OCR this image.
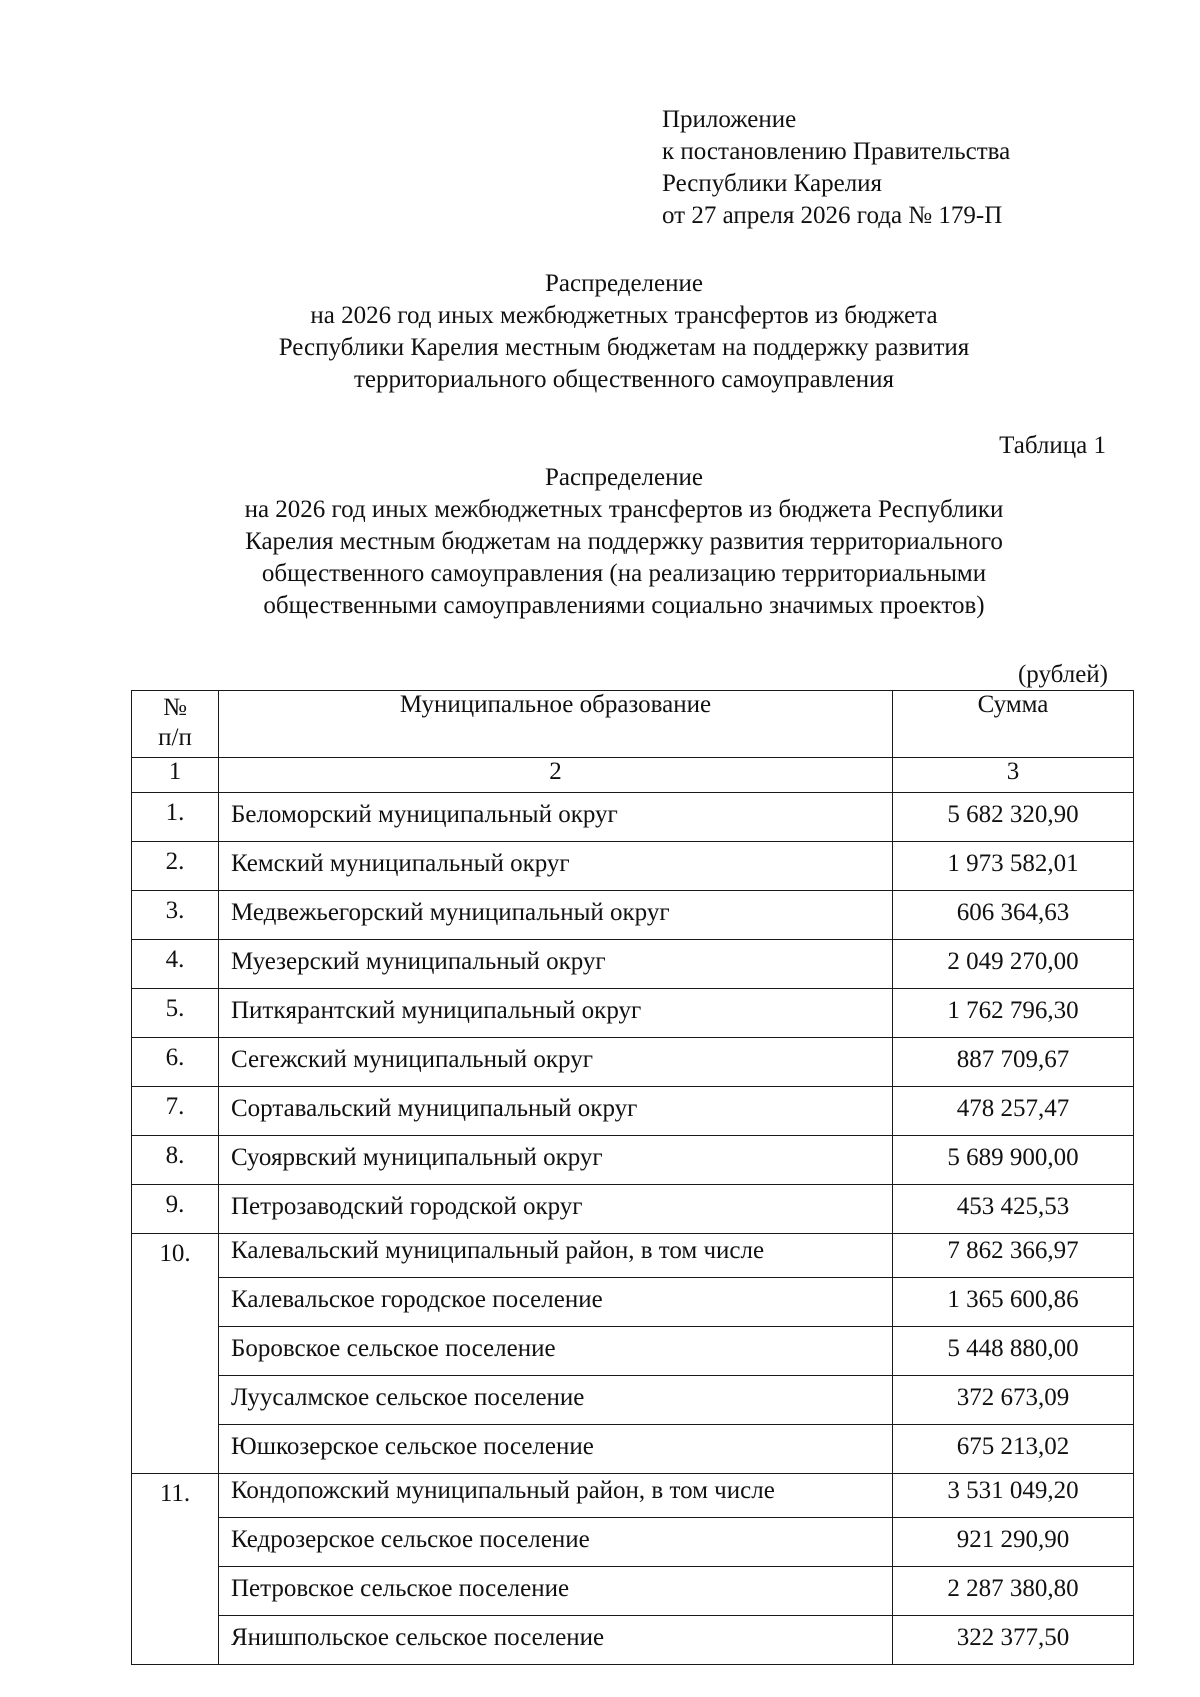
Приложение
к постановлению Правительства
Республики Карелия
от 27 апреля 2026 года № 179-П
Распределение
на 2026 год иных межбюджетных трансфертов из бюджета
Республики Карелия местным бюджетам на поддержку развития
территориального общественного самоуправления
Таблица 1
Распределение
на 2026 год иных межбюджетных трансфертов из бюджета Республики
Карелия местным бюджетам на поддержку развития территориального
общественного самоуправления (на реализацию территориальными
общественными самоуправлениями социально значимых проектов)
(рублей)
№
п/п	Муниципальное образование	Сумма
1	2	3
1.	Беломорский муниципальный округ	5 682 320,90
2.	Кемский муниципальный округ	1 973 582,01
3.	Медвежьегорский муниципальный округ	606 364,63
4.	Муезерский муниципальный округ	2 049 270,00
5.	Питкярантский муниципальный округ	1 762 796,30
6.	Сегежский муниципальный округ	887 709,67
7.	Сортавальский муниципальный округ	478 257,47
8.	Суоярвский муниципальный округ	5 689 900,00
9.	Петрозаводский городской округ	453 425,53
10.	Калевальский муниципальный район, в том числе	7 862 366,97
	Калевальское городское поселение	1 365 600,86
	Боровское сельское поселение	5 448 880,00
	Луусалмское сельское поселение	372 673,09
	Юшкозерское сельское поселение	675 213,02
11.	Кондопожский муниципальный район, в том числе	3 531 049,20
	Кедрозерское сельское поселение	921 290,90
	Петровское сельское поселение	2 287 380,80
	Янишпольское сельское поселение	322 377,50
